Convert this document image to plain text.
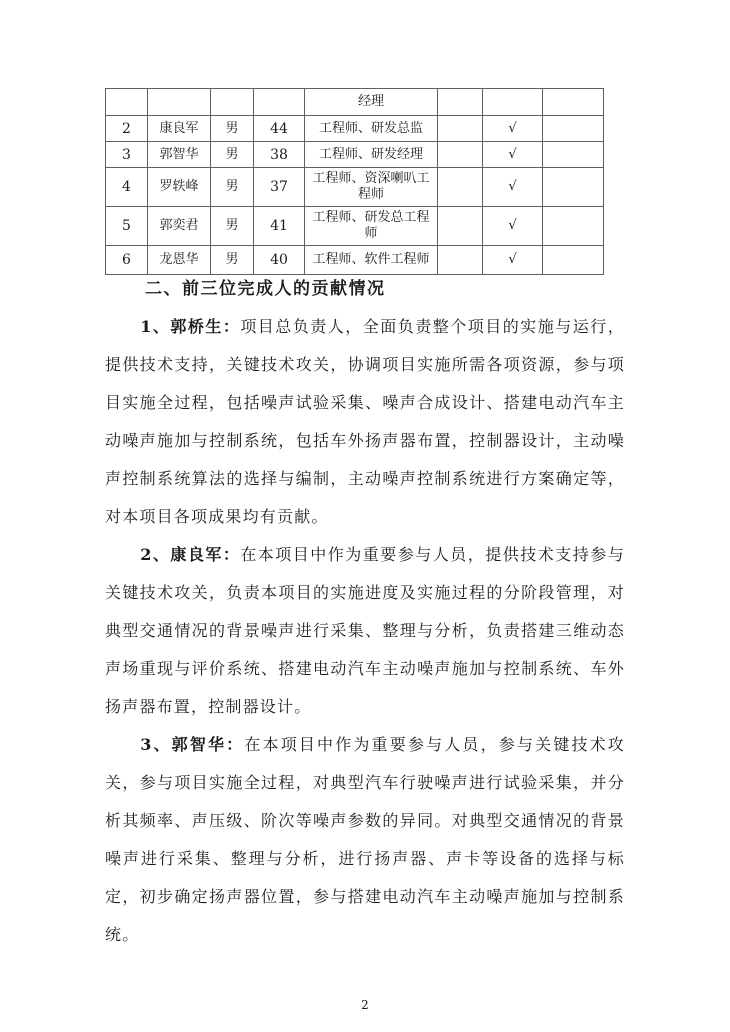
				经理			
2	康良军	男	44	工程师、研发总监		√	
3	郭智华	男	38	工程师、研发经理		√	
4	罗轶峰	男	37	工程师、资深喇叭工程师		√	
5	郭奕君	男	41	工程师、研发总工程师		√	
6	龙恩华	男	40	工程师、软件工程师		√	
二、前三位完成人的贡献情况

1、郭桥生：项目总负责人，全面负责整个项目的实施与运行，提供技术支持，关键技术攻关，协调项目实施所需各项资源，参与项目实施全过程，包括噪声试验采集、噪声合成设计、搭建电动汽车主动噪声施加与控制系统，包括车外扬声器布置，控制器设计，主动噪声控制系统算法的选择与编制，主动噪声控制系统进行方案确定等，对本项目各项成果均有贡献。

2、康良军：在本项目中作为重要参与人员，提供技术支持参与关键技术攻关，负责本项目的实施进度及实施过程的分阶段管理，对典型交通情况的背景噪声进行采集、整理与分析，负责搭建三维动态声场重现与评价系统、搭建电动汽车主动噪声施加与控制系统、车外扬声器布置，控制器设计。

3、郭智华：在本项目中作为重要参与人员，参与关键技术攻关，参与项目实施全过程，对典型汽车行驶噪声进行试验采集，并分析其频率、声压级、阶次等噪声参数的异同。对典型交通情况的背景噪声进行采集、整理与分析，进行扬声器、声卡等设备的选择与标定，初步确定扬声器位置，参与搭建电动汽车主动噪声施加与控制系统。

2
